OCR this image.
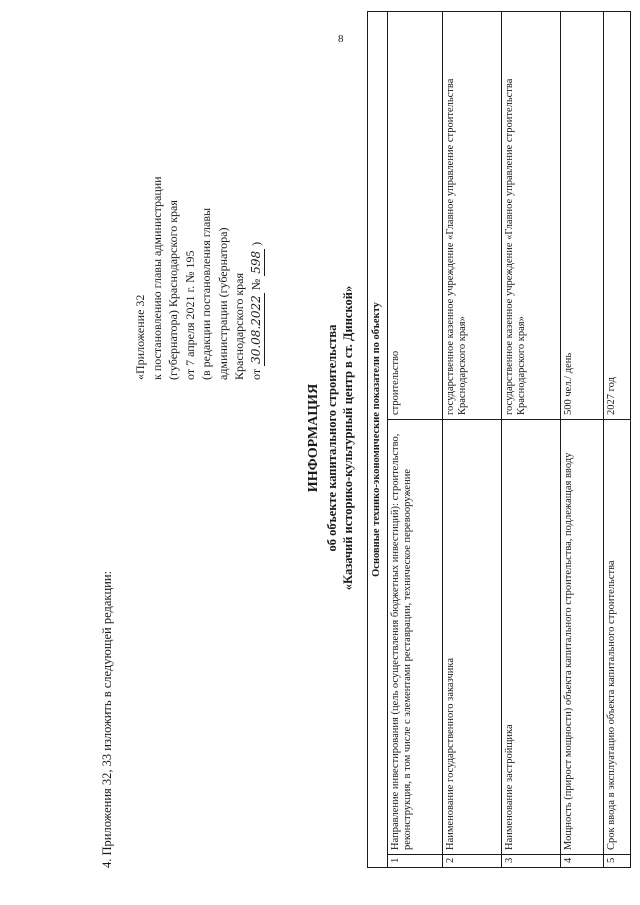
8
4. Приложения 32, 33 изложить в следующей редакции:
«Приложение 32 к постановлению главы администрации (губернатора) Краснодарского края от 7 апреля 2021 г. № 195 (в редакции постановления главы администрации (губернатора) Краснодарского края от 30.08.2022 № 598 )
ИНФОРМАЦИЯ об объекте капитального строительства «Казачий историко-культурный центр в ст. Динской» Основные технико-экономические показатели по объекту		
1	Направление инвестирования (цель осуществления бюджетных инвестиций): строительство, реконструкция, в том числе с элементами реставрации, техническое перевооружение	строительство
2	Наименование государственного заказчика	государственное казенное учреждение «Главное управление строительства Краснодарского края»
3	Наименование застройщика	государственное казенное учреждение «Главное управление строительства Краснодарского края»
4	Мощность (прирост мощности) объекта капитального строительства, подлежащая вводу	500 чел./ день
5	Срок ввода в эксплуатацию объекта капитального строительства	2027 год
